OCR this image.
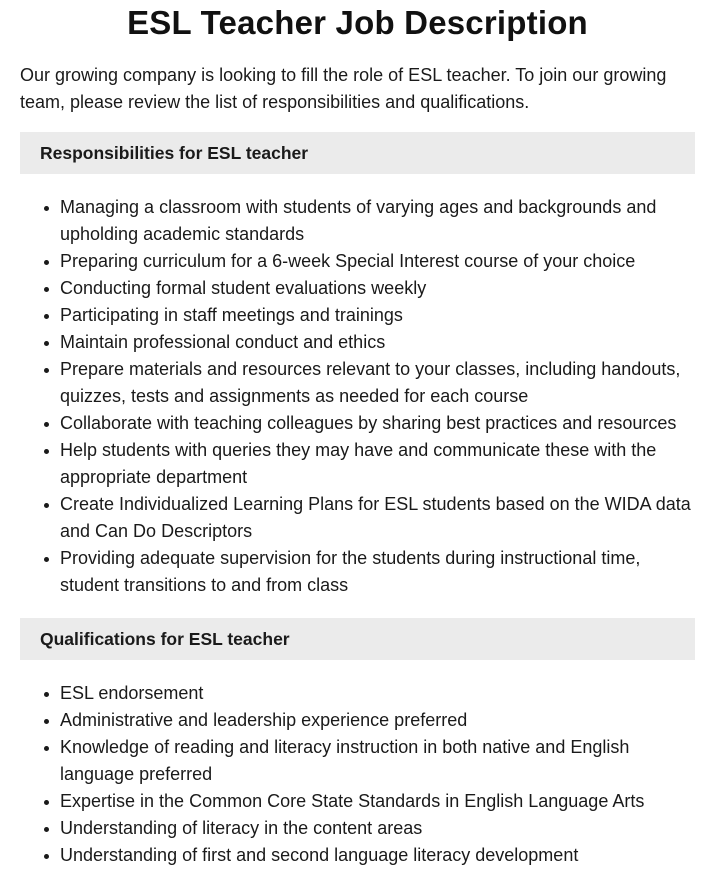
ESL Teacher Job Description

Our growing company is looking to fill the role of ESL teacher. To join our growing team, please review the list of responsibilities and qualifications.

Responsibilities for ESL teacher
Managing a classroom with students of varying ages and backgrounds and upholding academic standards
Preparing curriculum for a 6-week Special Interest course of your choice
Conducting formal student evaluations weekly
Participating in staff meetings and trainings
Maintain professional conduct and ethics
Prepare materials and resources relevant to your classes, including handouts, quizzes, tests and assignments as needed for each course
Collaborate with teaching colleagues by sharing best practices and resources
Help students with queries they may have and communicate these with the appropriate department
Create Individualized Learning Plans for ESL students based on the WIDA data and Can Do Descriptors
Providing adequate supervision for the students during instructional time, student transitions to and from class
Qualifications for ESL teacher
ESL endorsement
Administrative and leadership experience preferred
Knowledge of reading and literacy instruction in both native and English language preferred
Expertise in the Common Core State Standards in English Language Arts
Understanding of literacy in the content areas
Understanding of first and second language literacy development
